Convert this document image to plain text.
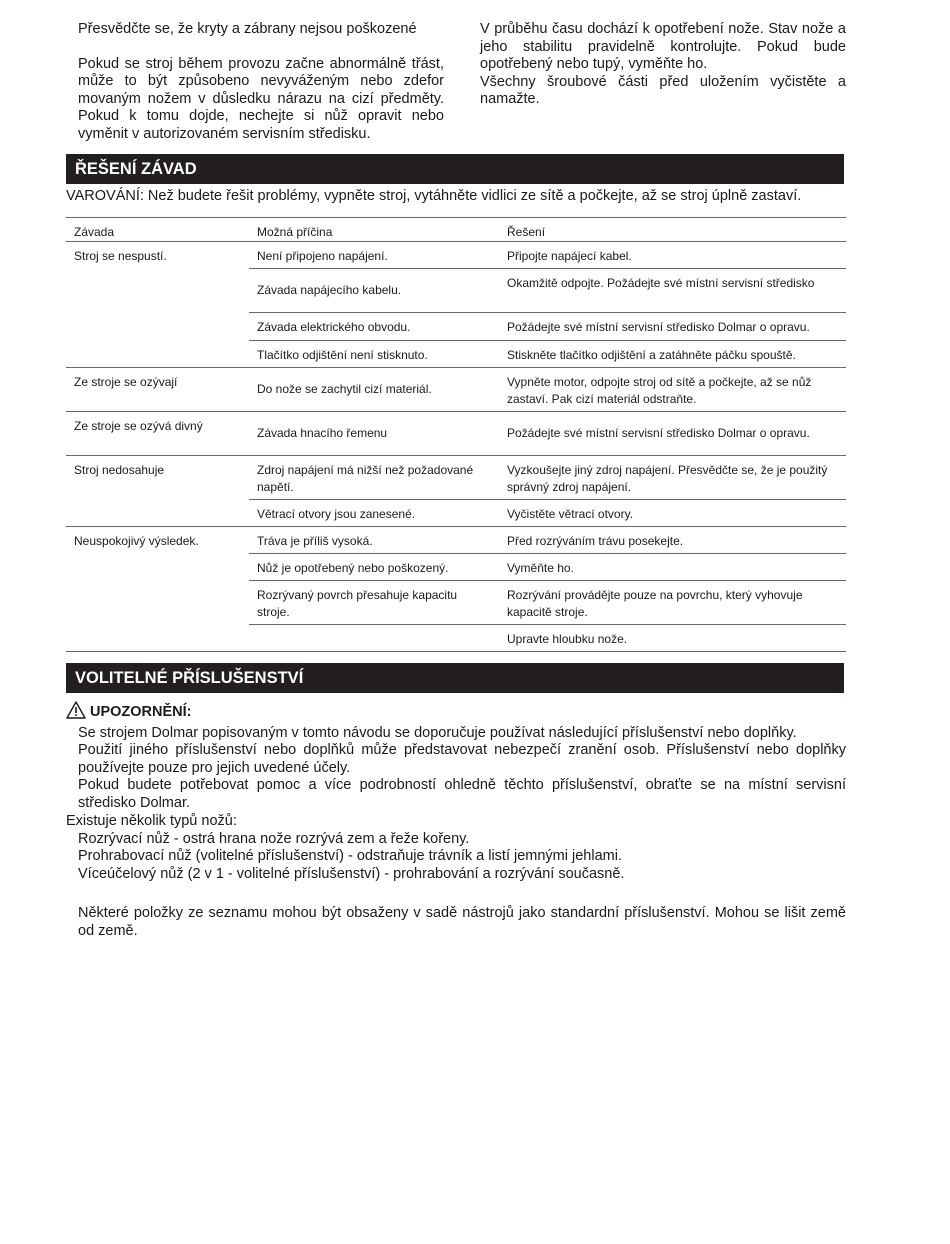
Přesvědčte se, že kryty a zábrany nejsou poškozené

Pokud se stroj během provozu začne abnormálně třást, může to být způsobeno nevyváženým nebo zdefor movaným nožem v důsledku nárazu na cizí předměty. Pokud k tomu dojde, nechejte si nůž opravit nebo vyměnit v autorizovaném servisním středisku.

V průběhu času dochází k opotřebení nože. Stav nože a jeho stabilitu pravidelně kontrolujte. Pokud bude opotřebený nebo tupý, vyměňte ho.

Všechny šroubové části před uložením vyčistěte a namažte.

ŘEŠENÍ ZÁVAD
VAROVÁNÍ: Než budete řešit problémy, vypněte stroj, vytáhněte vidlici ze sítě a počkejte, až se stroj úplně zastaví.
Závada	Možná příčina	Řešení
Stroj se nespustí.	Není připojeno napájení.	Připojte napájecí kabel.
	Závada napájecího kabelu.	Okamžitě odpojte. Požádejte své místní servisní středisko
	Závada elektrického obvodu.	Požádejte své místní servisní středisko Dolmar o opravu.
	Tlačítko odjištění není stisknuto.	Stiskněte tlačítko odjištění a zatáhněte páčku spouště.
Ze stroje se ozývají	Do nože se zachytil cizí materiál.	Vypněte motor, odpojte stroj od sítě a počkejte, až se nůž zastaví. Pak cizí materiál odstraňte.
Ze stroje se ozývá divný	Závada hnacího řemenu	Požádejte své místní servisní středisko Dolmar o opravu.
Stroj nedosahuje	Zdroj napájení má nižší než požadované napětí.	Vyzkoušejte jiný zdroj napájení. Přesvědčte se, že je použitý správný zdroj napájení.
	Větrací otvory jsou zanesené.	Vyčistěte větrací otvory.
Neuspokojivý výsledek.	Tráva je příliš vysoká.	Před rozrýváním trávu posekejte.
	Nůž je opotřebený nebo poškozený.	Vyměňte ho.
	Rozrývaný povrch přesahuje kapacitu stroje.	Rozrývání provádějte pouze na povrchu, který vyhovuje kapacitě stroje.
		Upravte hloubku nože.
VOLITELNÉ PŘÍSLUŠENSTVÍ
UPOZORNĚNÍ:

Se strojem Dolmar popisovaným v tomto návodu se doporučuje používat následující příslušenství nebo doplňky.

Použití jiného příslušenství nebo doplňků může představovat nebezpečí zranění osob. Příslušenství nebo doplňky používejte pouze pro jejich uvedené účely.

Pokud budete potřebovat pomoc a více podrobností ohledně těchto příslušenství, obraťte se na místní servisní středisko Dolmar.

Existuje několik typů nožů:

Rozrývací nůž - ostrá hrana nože rozrývá zem a řeže kořeny.

Prohrabovací nůž (volitelné příslušenství) - odstraňuje trávník a listí jemnými jehlami.

Víceúčelový nůž (2 v 1 - volitelné příslušenství) - prohrabování a rozrývání současně.

Některé položky ze seznamu mohou být obsaženy v sadě nástrojů jako standardní příslušenství. Mohou se lišit země od země.
